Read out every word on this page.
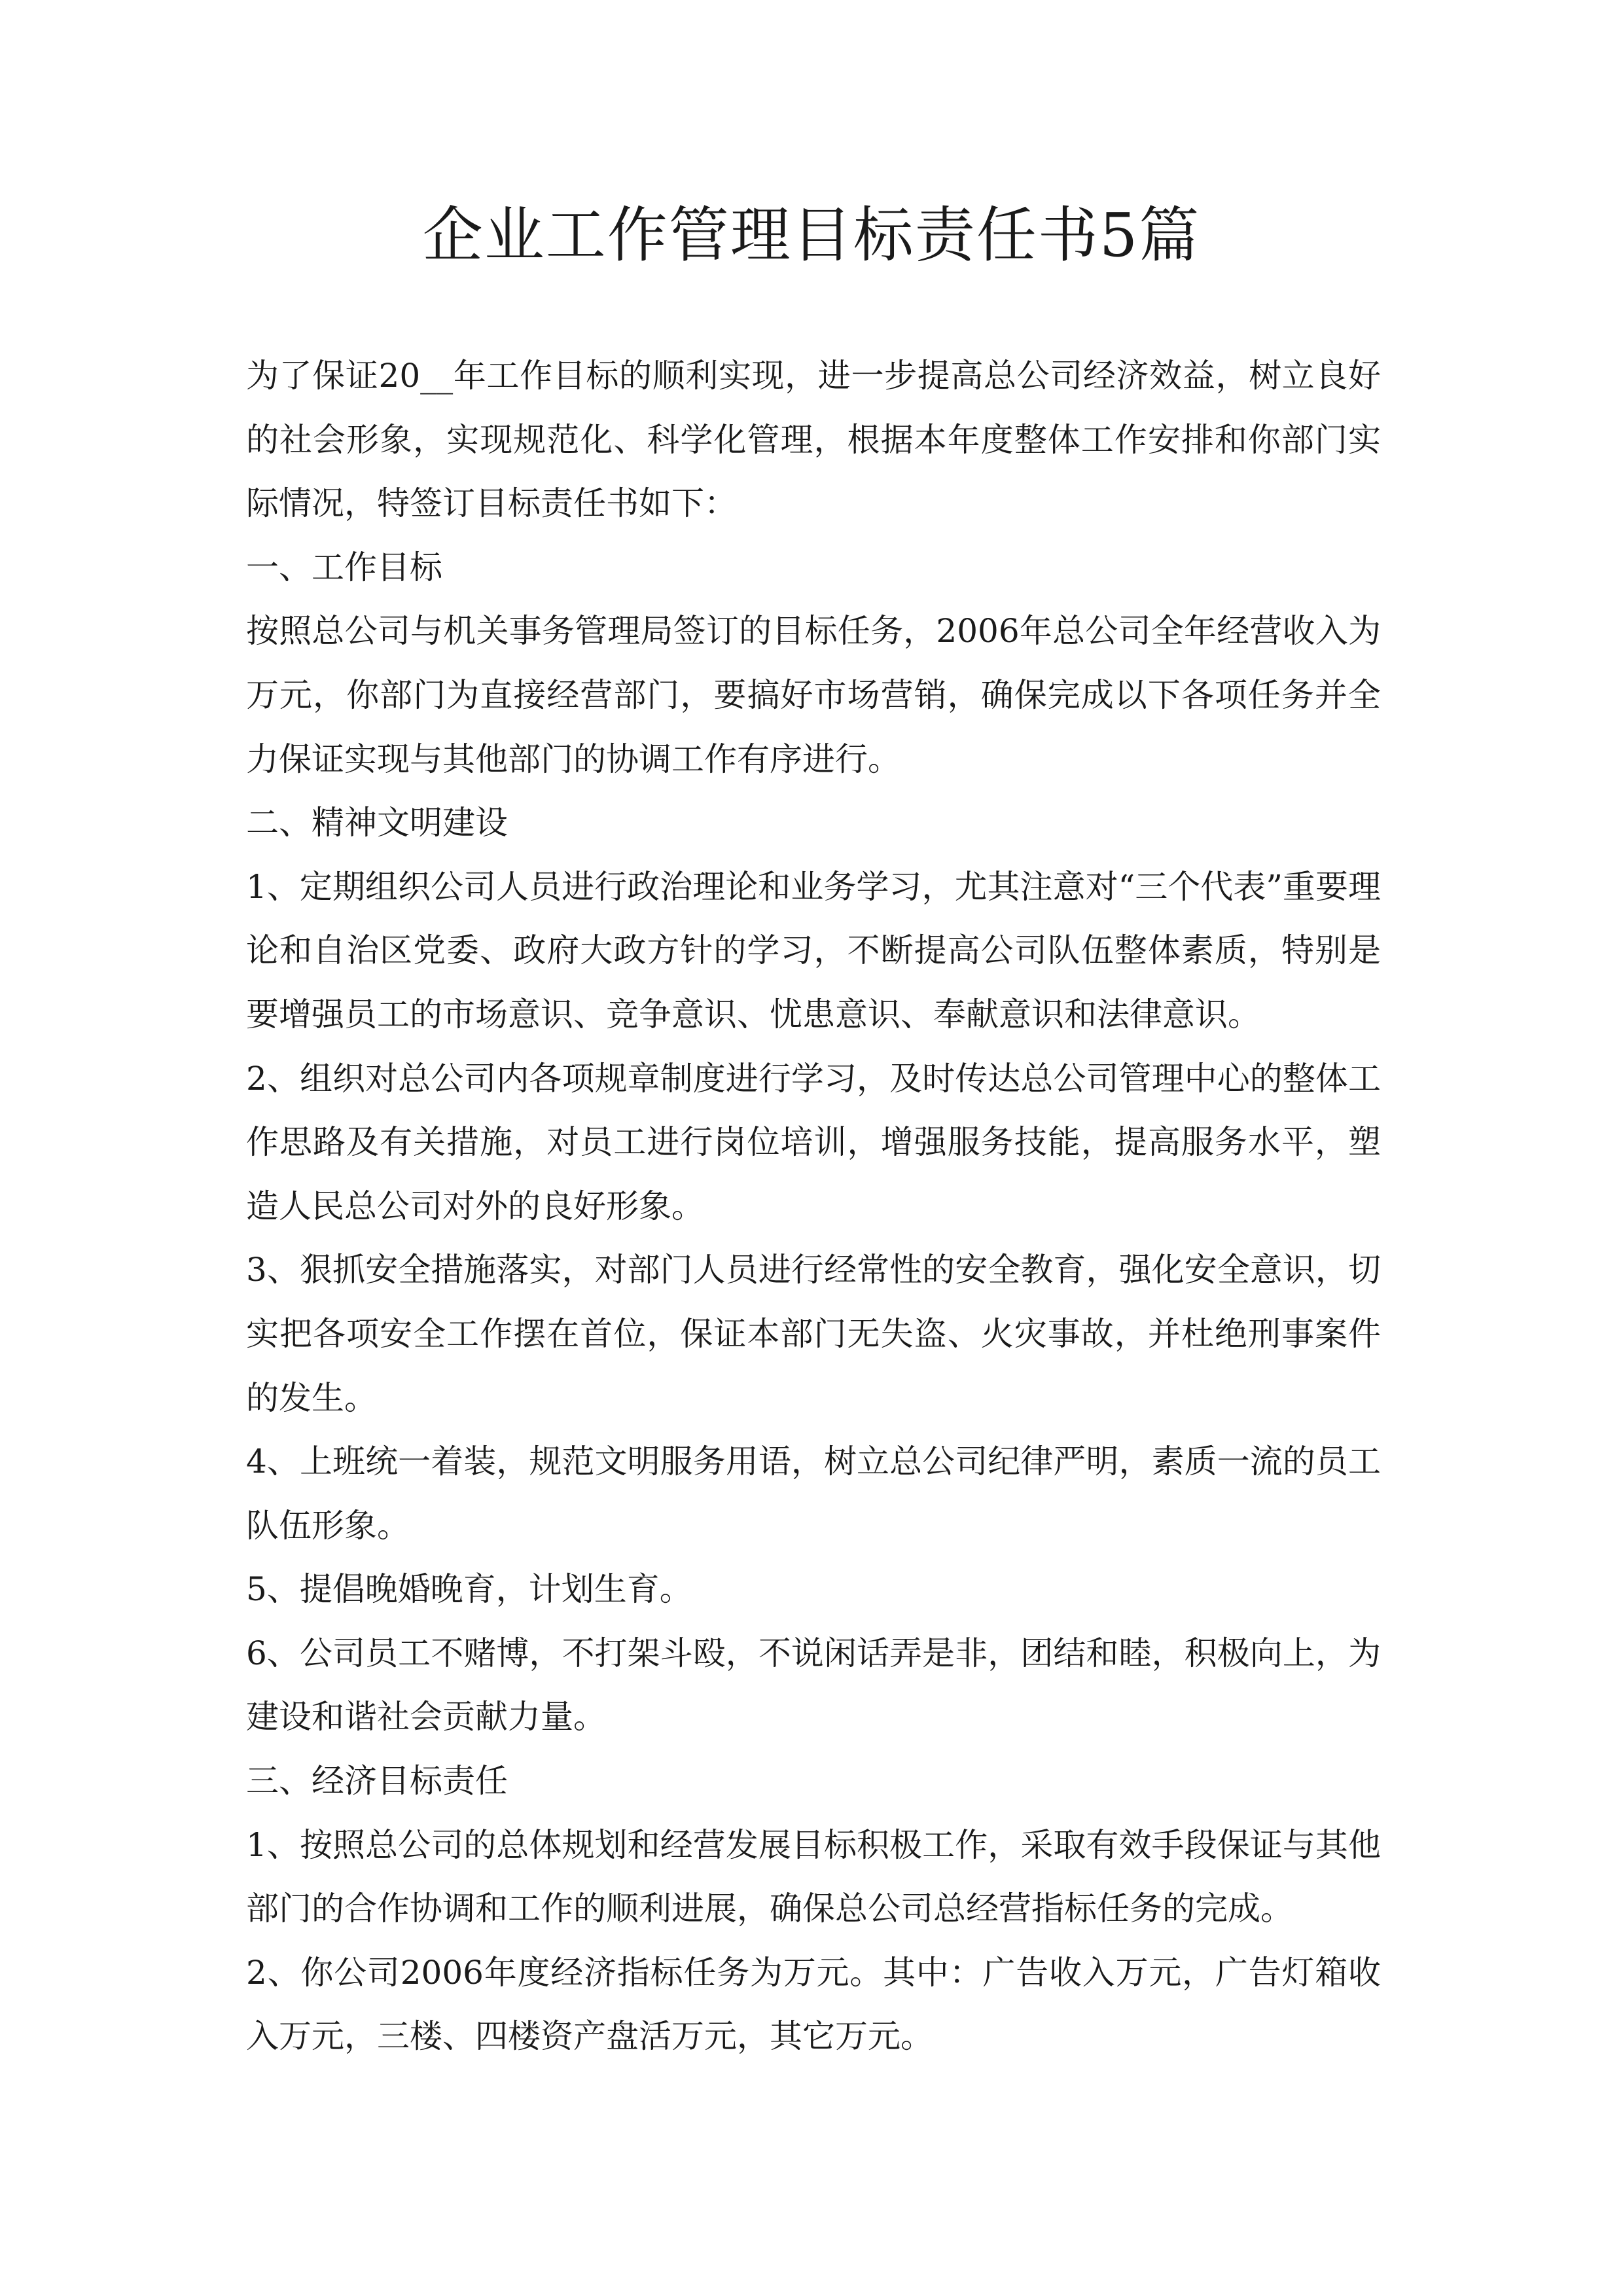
企业工作管理目标责任书5篇

为了保证20__年工作目标的顺利实现，进一步提高总公司经济效益，树立良好的社会形象，实现规范化、科学化管理，根据本年度整体工作安排和你部门实际情况，特签订目标责任书如下：

一、工作目标

按照总公司与机关事务管理局签订的目标任务，2006年总公司全年经营收入为万元，你部门为直接经营部门，要搞好市场营销，确保完成以下各项任务并全力保证实现与其他部门的协调工作有序进行。

二、精神文明建设

1、定期组织公司人员进行政治理论和业务学习，尤其注意对“三个代表”重要理论和自治区党委、政府大政方针的学习，不断提高公司队伍整体素质，特别是要增强员工的市场意识、竞争意识、忧患意识、奉献意识和法律意识。

2、组织对总公司内各项规章制度进行学习，及时传达总公司管理中心的整体工作思路及有关措施，对员工进行岗位培训，增强服务技能，提高服务水平，塑造人民总公司对外的良好形象。

3、狠抓安全措施落实，对部门人员进行经常性的安全教育，强化安全意识，切实把各项安全工作摆在首位，保证本部门无失盗、火灾事故，并杜绝刑事案件的发生。

4、上班统一着装，规范文明服务用语，树立总公司纪律严明，素质一流的员工队伍形象。

5、提倡晚婚晚育，计划生育。

6、公司员工不赌博，不打架斗殴，不说闲话弄是非，团结和睦，积极向上，为建设和谐社会贡献力量。

三、经济目标责任

1、按照总公司的总体规划和经营发展目标积极工作，采取有效手段保证与其他部门的合作协调和工作的顺利进展，确保总公司总经营指标任务的完成。

2、你公司2006年度经济指标任务为万元。其中：广告收入万元，广告灯箱收入万元，三楼、四楼资产盘活万元，其它万元。
